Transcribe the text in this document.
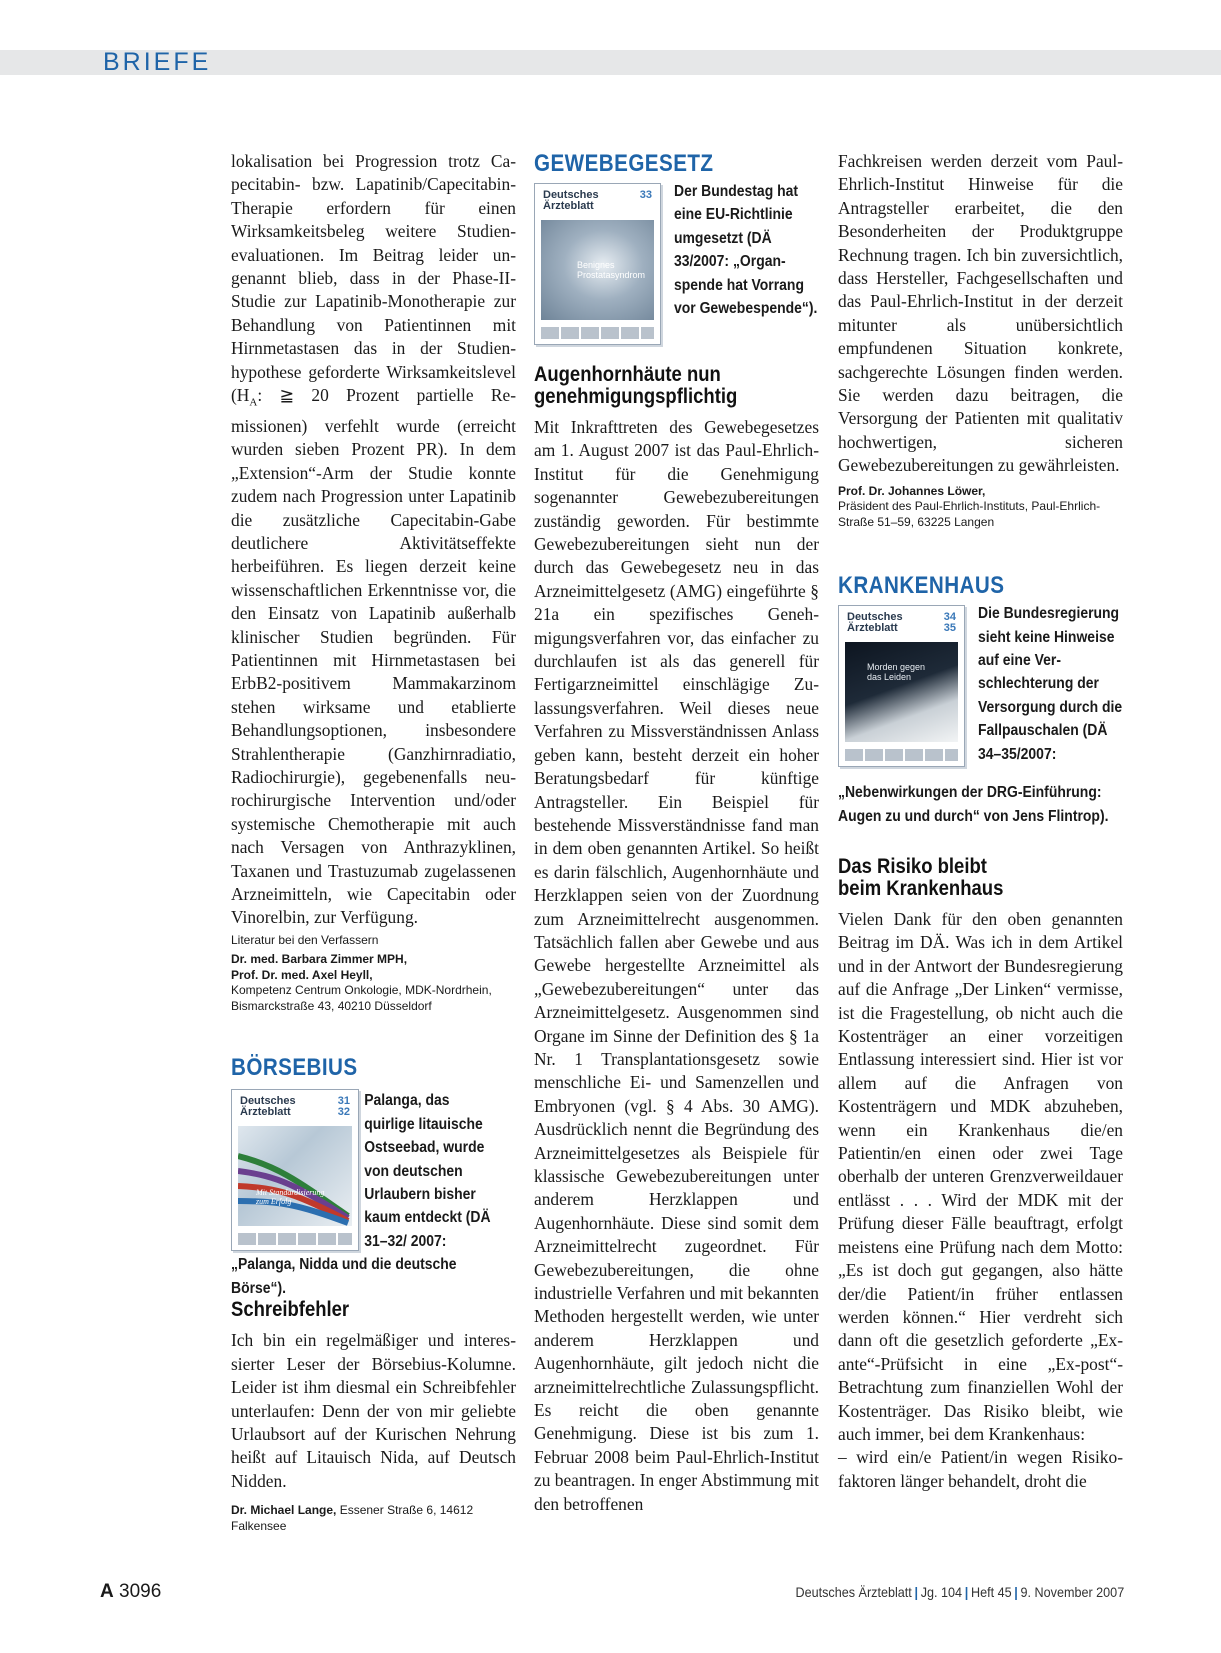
BRIEFE

lokalisation bei Progression trotz Capecitabin- bzw. Lapatinib/Capecitabin-Therapie erfordern für einen Wirksamkeitsbeleg weitere Studienevaluationen. Im Beitrag leider ungenannt blieb, dass in der Phase-II-Studie zur Lapatinib-Monotherapie zur Behandlung von Patientinnen mit Hirnmetastasen das in der Studienhypothese geforderte Wirksamkeitslevel ($H_A$: ≧ 20 Prozent partielle Remissionen) verfehlt wurde (erreicht wurden sieben Prozent PR). In dem „Extension“-Arm der Studie konnte zudem nach Progression unter Lapatinib die zusätzliche Capecitabin-Gabe deutlichere Aktivitätseffekte herbeiführen. Es liegen derzeit keine wissenschaftlichen Erkenntnisse vor, die den Einsatz von Lapatinib außerhalb klinischer Studien begründen. Für Patientinnen mit Hirnmetastasen bei ErbB2-positivem Mammakarzinom stehen wirksame und etablierte Behandlungsoptionen, insbesondere Strahlentherapie (Ganzhirnradiatio, Radiochirurgie), gegebenenfalls neurochirurgische Intervention und/oder systemische Chemotherapie mit auch nach Versagen von Anthrazyklinen, Taxanen und Trastuzumab zugelassenen Arzneimitteln, wie Capecitabin oder Vinorelbin, zur Verfügung.

Literatur bei den Verfassern

Dr. med. Barbara Zimmer MPH,
Prof. Dr. med. Axel Heyll,
Kompetenz Centrum Onkologie, MDK-Nordrhein, Bismarckstraße 43, 40210 Düsseldorf

BÖRSEBIUS

Deutsches
Ärzteblatt
31
32
Mit Standardisierung zum Erfolg
Palanga, das quirlige litauische Ostseebad, wurde von deutschen Urlaubern bisher kaum entdeckt (DÄ 31–32/ 2007: „Palanga, Nidda und die deutsche Börse“).

Schreibfehler

Ich bin ein regelmäßiger und interessierter Leser der Börsebius-Kolumne. Leider ist ihm diesmal ein Schreibfehler unterlaufen: Denn der von mir geliebte Urlaubsort auf der Kurischen Nehrung heißt auf Litauisch Nida, auf Deutsch Nidden.

Dr. Michael Lange, Essener Straße 6, 14612 Falkensee

GEWEBEGESETZ

Deutsches
Ärzteblatt
33
Benignes Prostatasyndrom
Der Bundestag hat eine EU-Richtlinie umgesetzt (DÄ 33/2007: „Organspende hat Vorrang vor Gewebespende“).

Augenhornhäute nun genehmigungspflichtig

Mit Inkrafttreten des Gewebegesetzes am 1. August 2007 ist das Paul-Ehrlich-Institut für die Genehmigung sogenannter Gewebezubereitungen zuständig geworden. Für bestimmte Gewebezubereitungen sieht nun der durch das Gewebegesetz neu in das Arzneimittelgesetz (AMG) eingeführte § 21a ein spezifisches Genehmigungsverfahren vor, das einfacher zu durchlaufen ist als das generell für Fertigarzneimittel einschlägige Zulassungsverfahren. Weil dieses neue Verfahren zu Missverständnissen Anlass geben kann, besteht derzeit ein hoher Beratungsbedarf für künftige Antragsteller. Ein Beispiel für bestehende Missverständnisse fand man in dem oben genannten Artikel. So heißt es darin fälschlich, Augenhornhäute und Herzklappen seien von der Zuordnung zum Arzneimittelrecht ausgenommen. Tatsächlich fallen aber Gewebe und aus Gewebe hergestellte Arzneimittel als „Gewebezubereitungen“ unter das Arzneimittelgesetz. Ausgenommen sind Organe im Sinne der Definition des § 1a Nr. 1 Transplantationsgesetz sowie menschliche Ei- und Samenzellen und Embryonen (vgl. § 4 Abs. 30 AMG). Ausdrücklich nennt die Begründung des Arzneimittelgesetzes als Beispiele für klassische Gewebezubereitungen unter anderem Herzklappen und Augenhornhäute. Diese sind somit dem Arzneimittelrecht zugeordnet. Für Gewebezubereitungen, die ohne industrielle Verfahren und mit bekannten Methoden hergestellt werden, wie unter anderem Herzklappen und Augenhornhäute, gilt jedoch nicht die arzneimittelrechtliche Zulassungspflicht. Es reicht die oben genannte Genehmigung. Diese ist bis zum 1. Februar 2008 beim Paul-Ehrlich-Institut zu beantragen. In enger Abstimmung mit den betroffenen

Fachkreisen werden derzeit vom Paul-Ehrlich-Institut Hinweise für die Antragsteller erarbeitet, die den Besonderheiten der Produktgruppe Rechnung tragen. Ich bin zuversichtlich, dass Hersteller, Fachgesellschaften und das Paul-Ehrlich-Institut in der derzeit mitunter als unübersichtlich empfundenen Situation konkrete, sachgerechte Lösungen finden werden. Sie werden dazu beitragen, die Versorgung der Patienten mit qualitativ hochwertigen, sicheren Gewebezubereitungen zu gewährleisten.

Prof. Dr. Johannes Löwer,
Präsident des Paul-Ehrlich-Instituts, Paul-Ehrlich-Straße 51–59, 63225 Langen

KRANKENHAUS

Deutsches
Ärzteblatt
34
35
Morden gegen das Leiden
Die Bundesregierung sieht keine Hinweise auf eine Verschlechterung der Versorgung durch die Fallpauschalen (DÄ 34–35/2007:
„Nebenwirkungen der DRG-Einführung: Augen zu und durch“ von Jens Flintrop).

Das Risiko bleibt beim Krankenhaus

Vielen Dank für den oben genannten Beitrag im DÄ. Was ich in dem Artikel und in der Antwort der Bundesregierung auf die Anfrage „Der Linken“ vermisse, ist die Fragestellung, ob nicht auch die Kostenträger an einer vorzeitigen Entlassung interessiert sind. Hier ist vor allem auf die Anfragen von Kostenträgern und MDK abzuheben, wenn ein Krankenhaus die/en Patientin/en einen oder zwei Tage oberhalb der unteren Grenzverweildauer entlässt . . . Wird der MDK mit der Prüfung dieser Fälle beauftragt, erfolgt meistens eine Prüfung nach dem Motto: „Es ist doch gut gegangen, also hätte der/die Patient/in früher entlassen werden können.“ Hier verdreht sich dann oft die gesetzlich geforderte „Ex-ante“-Prüfsicht in eine „Ex-post“-Betrachtung zum finanziellen Wohl der Kostenträger. Das Risiko bleibt, wie auch immer, bei dem Krankenhaus:

– wird ein/e Patient/in wegen Risikofaktoren länger behandelt, droht die

A 3096	Deutsches Ärzteblatt | Jg. 104 | Heft 45 | 9. November 2007
